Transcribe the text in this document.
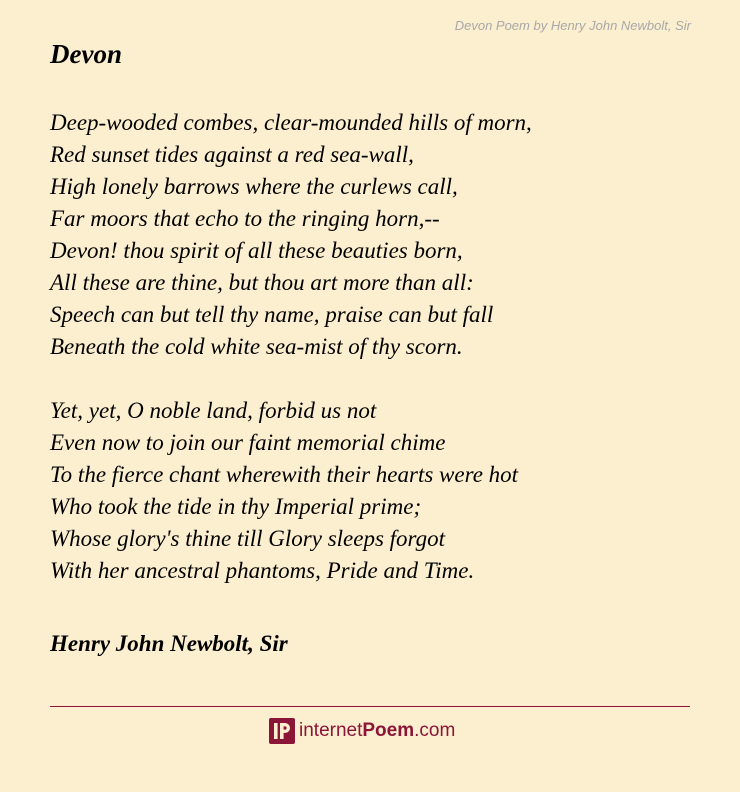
Devon Poem by Henry John Newbolt, Sir
Devon
Deep-wooded combes, clear-mounded hills of morn,
Red sunset tides against a red sea-wall,
High lonely barrows where the curlews call,
Far moors that echo to the ringing horn,--
Devon! thou spirit of all these beauties born,
All these are thine, but thou art more than all:
Speech can but tell thy name, praise can but fall
Beneath the cold white sea-mist of thy scorn.
Yet, yet, O noble land, forbid us not
Even now to join our faint memorial chime
To the fierce chant wherewith their hearts were hot
Who took the tide in thy Imperial prime;
Whose glory's thine till Glory sleeps forgot
With her ancestral phantoms, Pride and Time.

Henry John Newbolt, Sir

internetPoem.com
